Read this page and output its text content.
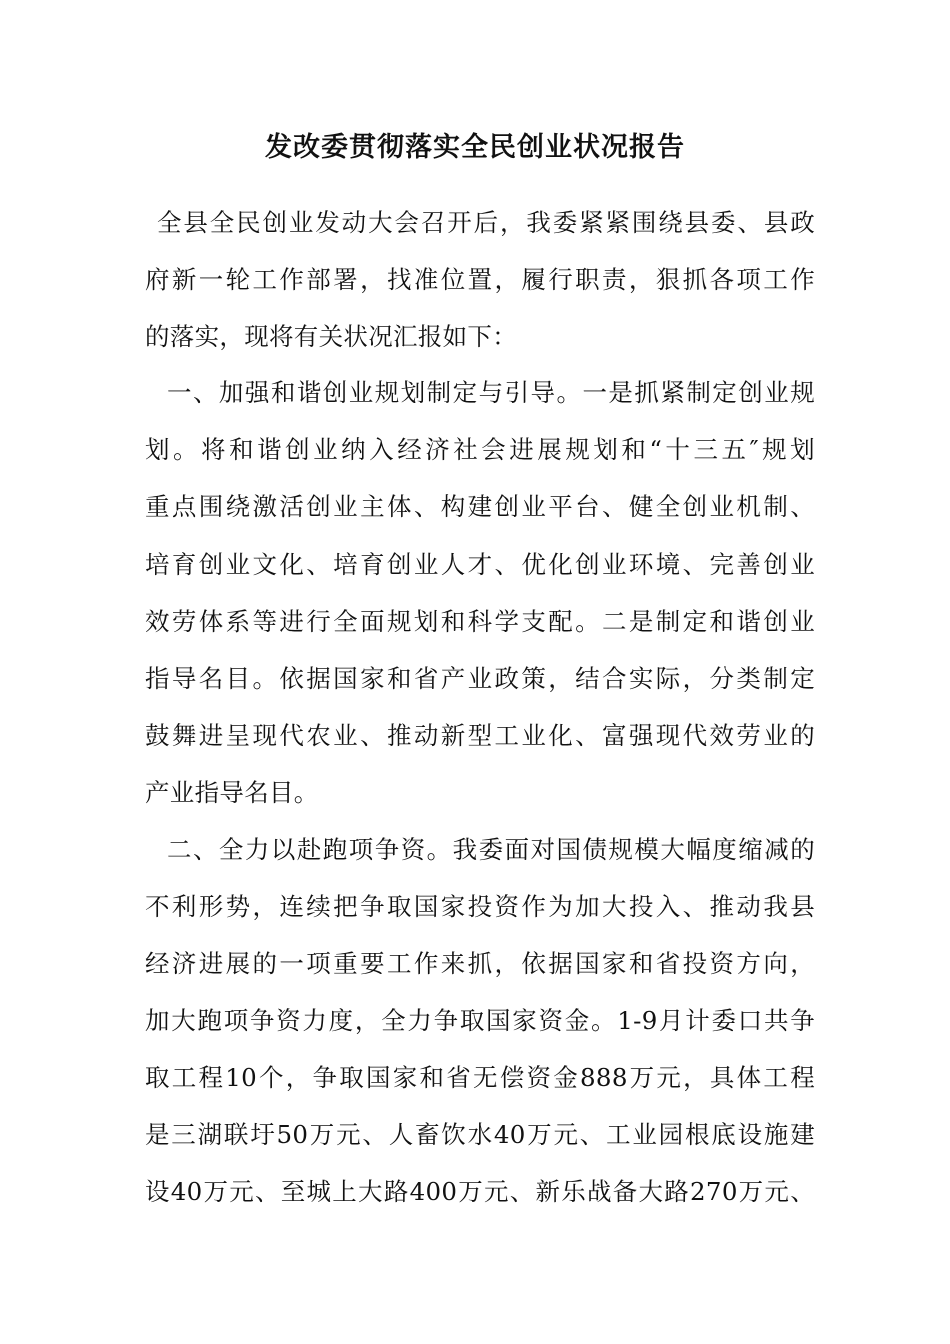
发改委贯彻落实全民创业状况报告
全县全民创业发动大会召开后，我委紧紧围绕县委、县政
府新一轮工作部署，找准位置，履行职责，狠抓各项工作
的落实，现将有关状况汇报如下：
一、加强和谐创业规划制定与引导。一是抓紧制定创业规
划。将和谐创业纳入经济社会进展规划和“十三五″规划
重点围绕激活创业主体、构建创业平台、健全创业机制、
培育创业文化、培育创业人才、优化创业环境、完善创业
效劳体系等进行全面规划和科学支配。二是制定和谐创业
指导名目。依据国家和省产业政策，结合实际，分类制定
鼓舞进呈现代农业、推动新型工业化、富强现代效劳业的
产业指导名目。
二、全力以赴跑项争资。我委面对国债规模大幅度缩减的
不利形势，连续把争取国家投资作为加大投入、推动我县
经济进展的一项重要工作来抓，依据国家和省投资方向，
加大跑项争资力度，全力争取国家资金。1-9月计委口共争
取工程10个，争取国家和省无偿资金888万元，具体工程
是三湖联圩50万元、人畜饮水40万元、工业园根底设施建
设40万元、至城上大路400万元、新乐战备大路270万元、
